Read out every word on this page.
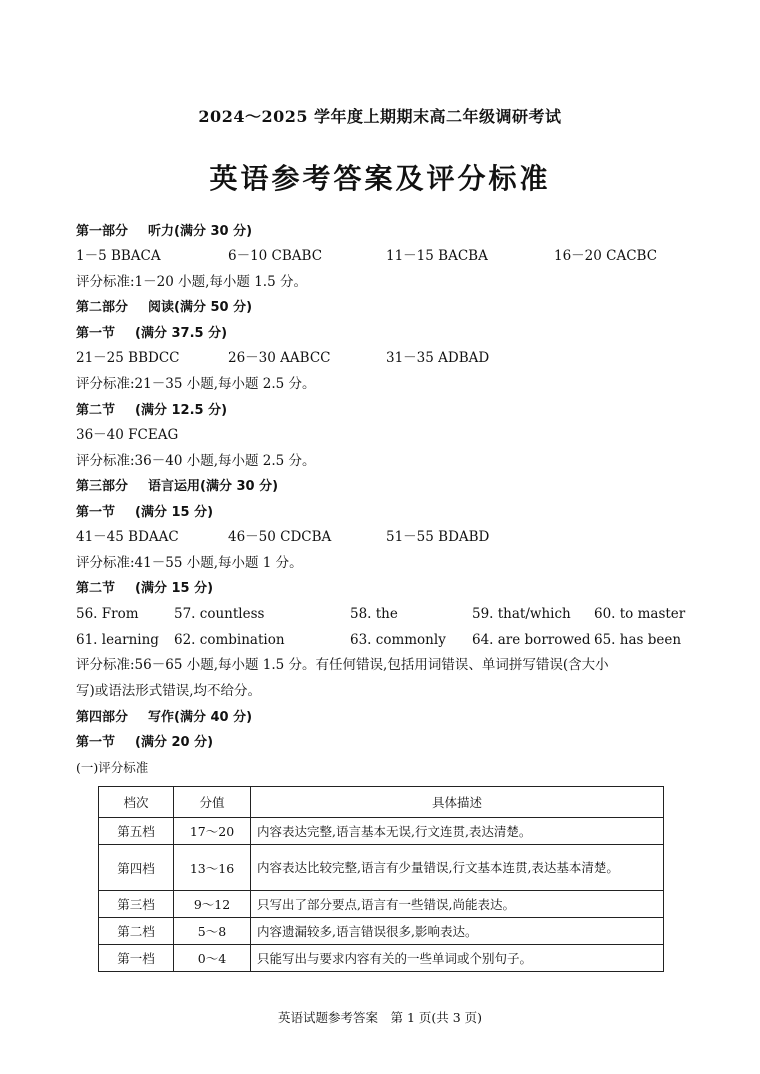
2024～2025 学年度上期期末高二年级调研考试
英语参考答案及评分标准
第一部分 听力(满分 30 分)
1－5 BBACA	6－10 CBABC	11－15 BACBA	16－20 CACBC
评分标准:1－20 小题,每小题 1.5 分。
第二部分 阅读(满分 50 分)
第一节 (满分 37.5 分)
21－25 BBDCC	26－30 AABCC	31－35 ADBAD
评分标准:21－35 小题,每小题 2.5 分。
第二节 (满分 12.5 分)
36－40 FCEAG
评分标准:36－40 小题,每小题 2.5 分。
第三部分 语言运用(满分 30 分)
第一节 (满分 15 分)
41－45 BDAAC	46－50 CDCBA	51－55 BDABD
评分标准:41－55 小题,每小题 1 分。
第二节 (满分 15 分)
56. From	57. countless	58. the	59. that/which 60. to master
61. learning 62. combination	63. commonly 64. are borrowed 65. has been
评分标准:56－65 小题,每小题 1.5 分。有任何错误,包括用词错误、单词拼写错误(含大小
写)或语法形式错误,均不给分。
第四部分 写作(满分 40 分)
第一节 (满分 20 分)
(一)评分标准
档次	分值	具体描述
第五档	17～20	内容表达完整,语言基本无误,行文连贯,表达清楚。
第四档	13～16	内容表达比较完整,语言有少量错误,行文基本连贯,表达基本清楚。
第三档	9～12	只写出了部分要点,语言有一些错误,尚能表达。
第二档	5～8	内容遗漏较多,语言错误很多,影响表达。
第一档	0～4	只能写出与要求内容有关的一些单词或个别句子。
英语试题参考答案　第 1 页(共 3 页)
